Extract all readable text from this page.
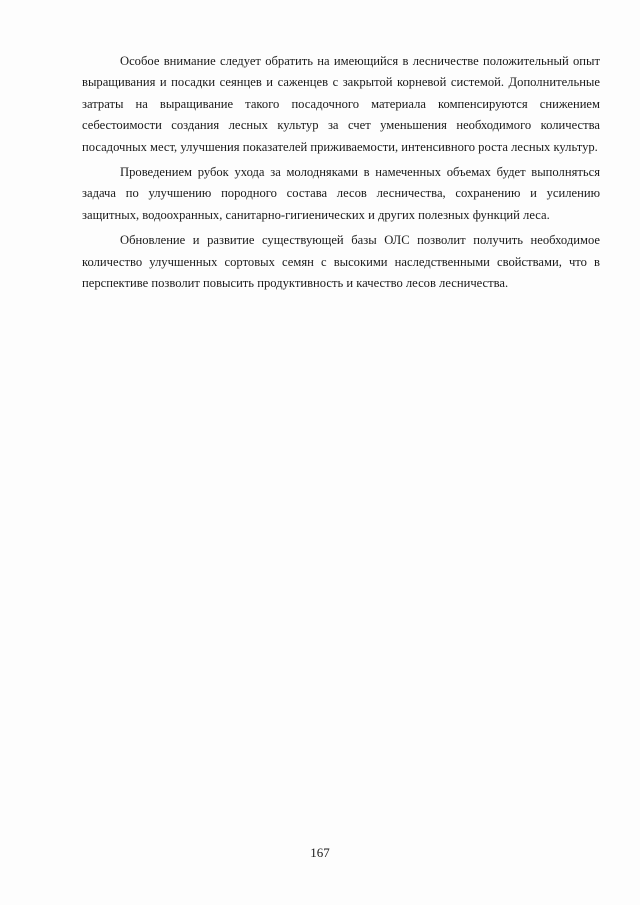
Особое внимание следует обратить на имеющийся в лесничестве положительный опыт выращивания и посадки сеянцев и саженцев с закрытой корневой системой. Дополнительные затраты на выращивание такого посадочного материала компенсируются снижением себестоимости создания лесных культур за счет уменьшения необходимого количества посадочных мест, улучшения показателей приживаемости, интенсивного роста лесных культур.

Проведением рубок ухода за молодняками в намеченных объемах будет выполняться задача по улучшению породного состава лесов лесничества, сохранению и усилению защитных, водоохранных, санитарно-гигиенических и других полезных функций леса.

Обновление и развитие существующей базы ОЛС позволит получить необходимое количество улучшенных сортовых семян с высокими наследственными свойствами, что в перспективе позволит повысить продуктивность и качество лесов лесничества.

167
